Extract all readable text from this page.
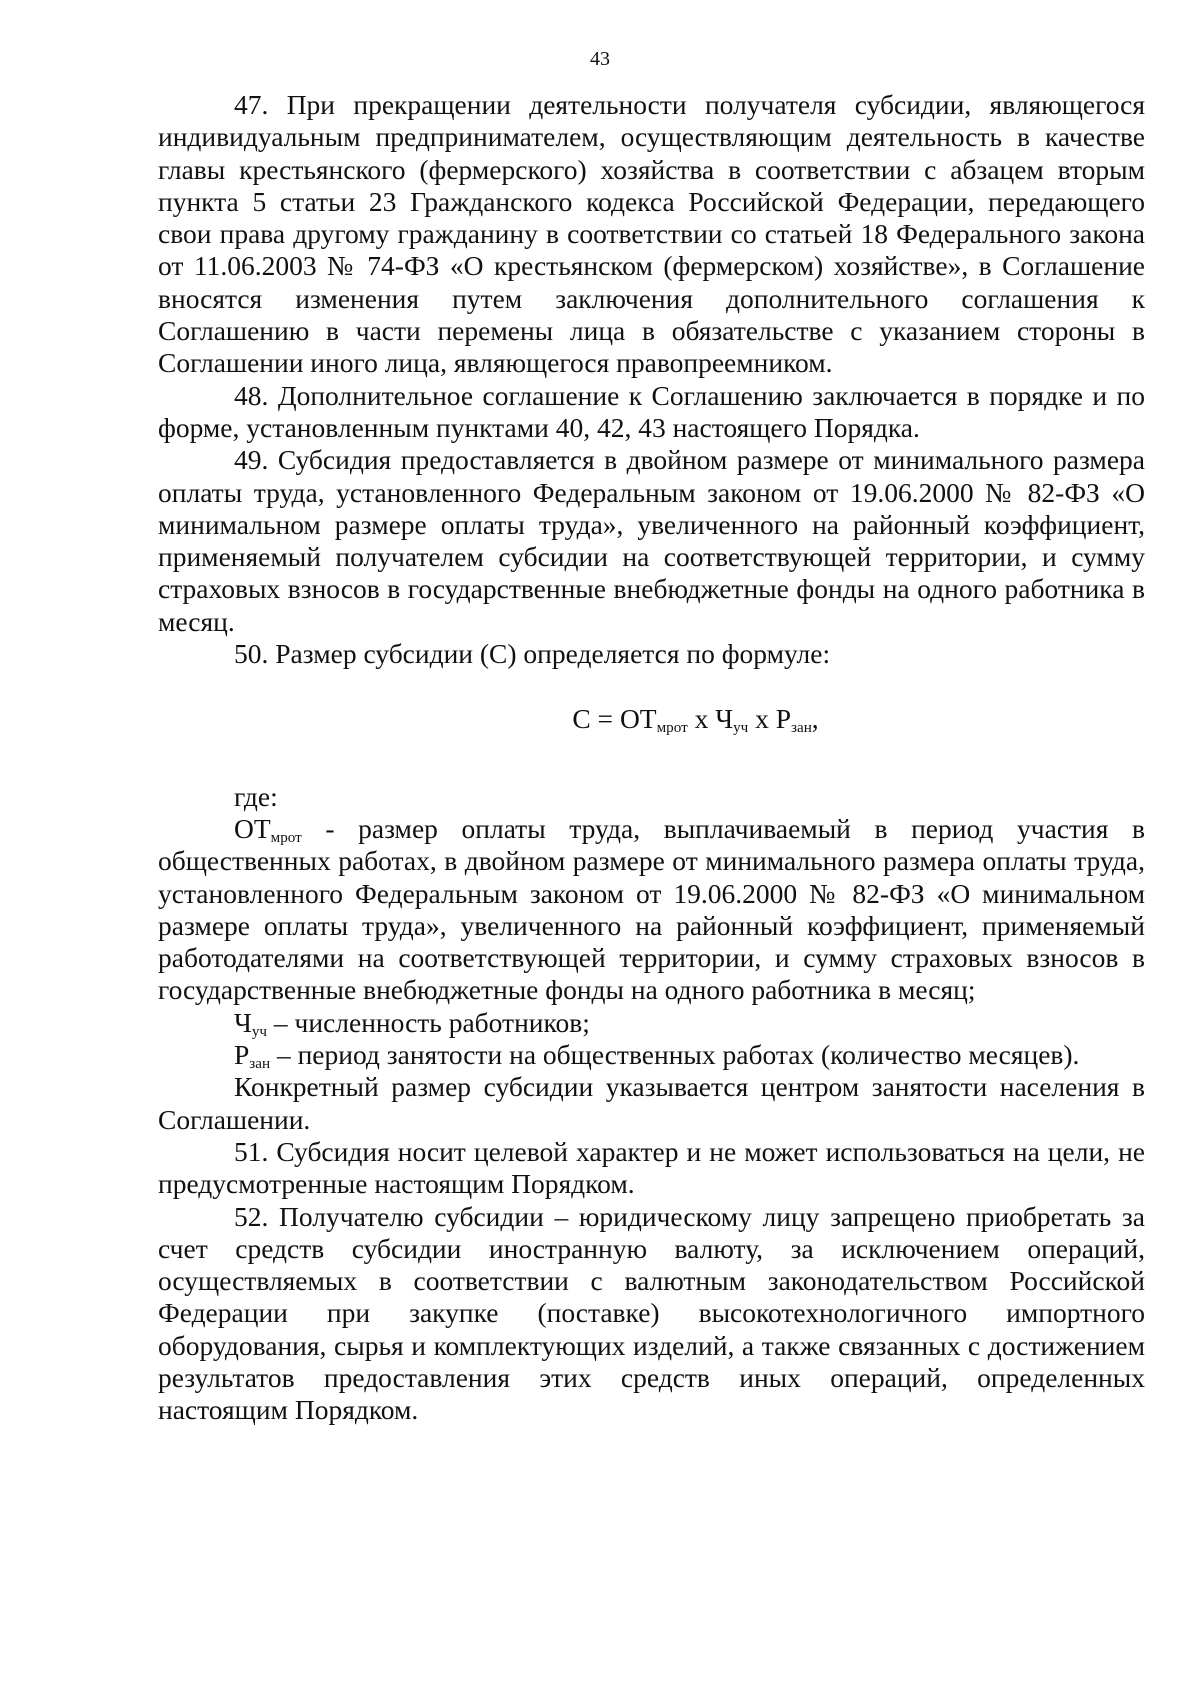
43

47. При прекращении деятельности получателя субсидии, являющегося индивидуальным предпринимателем, осуществляющим деятельность в качестве главы крестьянского (фермерского) хозяйства в соответствии с абзацем вторым пункта 5 статьи 23 Гражданского кодекса Российской Федерации, передающего свои права другому гражданину в соответствии со статьей 18 Федерального закона от 11.06.2003 № 74-ФЗ «О крестьянском (фермерском) хозяйстве», в Соглашение вносятся изменения путем заключения дополнительного соглашения к Соглашению в части перемены лица в обязательстве с указанием стороны в Соглашении иного лица, являющегося правопреемником.

48. Дополнительное соглашение к Соглашению заключается в порядке и по форме, установленным пунктами 40, 42, 43 настоящего Порядка.

49. Субсидия предоставляется в двойном размере от минимального размера оплаты труда, установленного Федеральным законом от 19.06.2000 № 82-ФЗ «О минимальном размере оплаты труда», увеличенного на районный коэффициент, применяемый получателем субсидии на соответствующей территории, и сумму страховых взносов в государственные внебюджетные фонды на одного работника в месяц.

50. Размер субсидии (С) определяется по формуле:

$С = ОТ_{мрот}$ х $Ч_{уч}$ х $Р_{зан}$,

где:

$ОТ_{мрот}$ - размер оплаты труда, выплачиваемый в период участия в общественных работах, в двойном размере от минимального размера оплаты труда, установленного Федеральным законом от 19.06.2000 № 82-ФЗ «О минимальном размере оплаты труда», увеличенного на районный коэффициент, применяемый работодателями на соответствующей территории, и сумму страховых взносов в государственные внебюджетные фонды на одного работника в месяц;

$Ч_{уч}$ – численность работников;

$Р_{зан}$ – период занятости на общественных работах (количество месяцев).

Конкретный размер субсидии указывается центром занятости населения в Соглашении.

51. Субсидия носит целевой характер и не может использоваться на цели, не предусмотренные настоящим Порядком.

52. Получателю субсидии – юридическому лицу запрещено приобретать за счет средств субсидии иностранную валюту, за исключением операций, осуществляемых в соответствии с валютным законодательством Российской Федерации при закупке (поставке) высокотехнологичного импортного оборудования, сырья и комплектующих изделий, а также связанных с достижением результатов предоставления этих средств иных операций, определенных настоящим Порядком.
